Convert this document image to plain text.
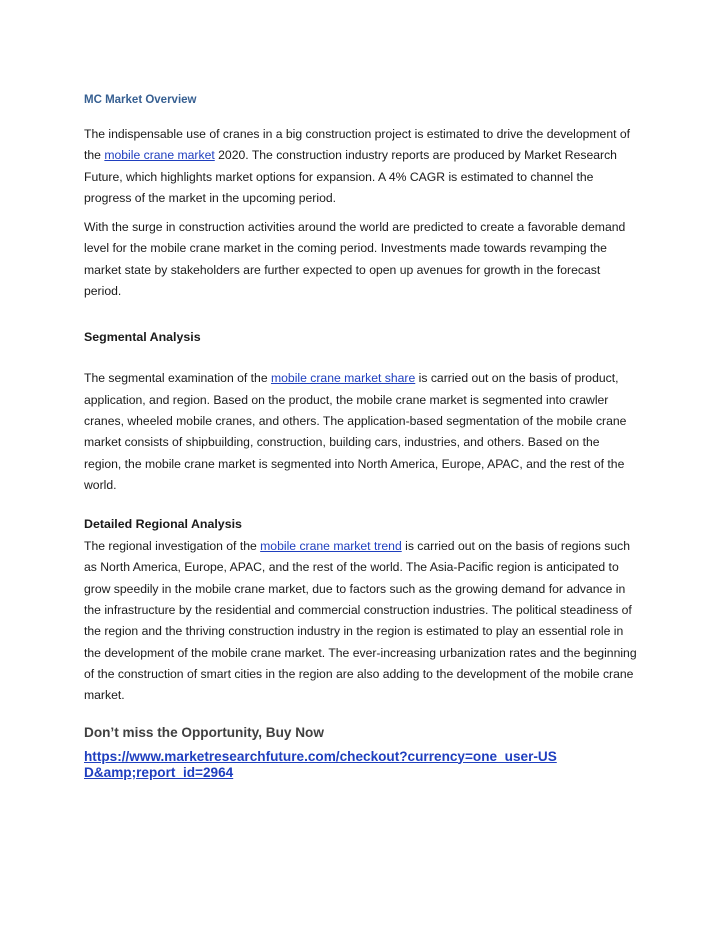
MC Market Overview

The indispensable use of cranes in a big construction project is estimated to drive the development of the mobile crane market 2020. The construction industry reports are produced by Market Research Future, which highlights market options for expansion. A 4% CAGR is estimated to channel the progress of the market in the upcoming period.

With the surge in construction activities around the world are predicted to create a favorable demand level for the mobile crane market in the coming period. Investments made towards revamping the market state by stakeholders are further expected to open up avenues for growth in the forecast period.

Segmental Analysis

The segmental examination of the mobile crane market share is carried out on the basis of product, application, and region. Based on the product, the mobile crane market is segmented into crawler cranes, wheeled mobile cranes, and others. The application-based segmentation of the mobile crane market consists of shipbuilding, construction, building cars, industries, and others. Based on the region, the mobile crane market is segmented into North America, Europe, APAC, and the rest of the world.

Detailed Regional Analysis

The regional investigation of the mobile crane market trend is carried out on the basis of regions such as North America, Europe, APAC, and the rest of the world. The Asia-Pacific region is anticipated to grow speedily in the mobile crane market, due to factors such as the growing demand for advance in the infrastructure by the residential and commercial construction industries. The political steadiness of the region and the thriving construction industry in the region is estimated to play an essential role in the development of the mobile crane market. The ever-increasing urbanization rates and the beginning of the construction of smart cities in the region are also adding to the development of the mobile crane market.

Don’t miss the Opportunity, Buy Now
https://www.marketresearchfuture.com/checkout?currency=one_user-USD&amp;report_id=2964
